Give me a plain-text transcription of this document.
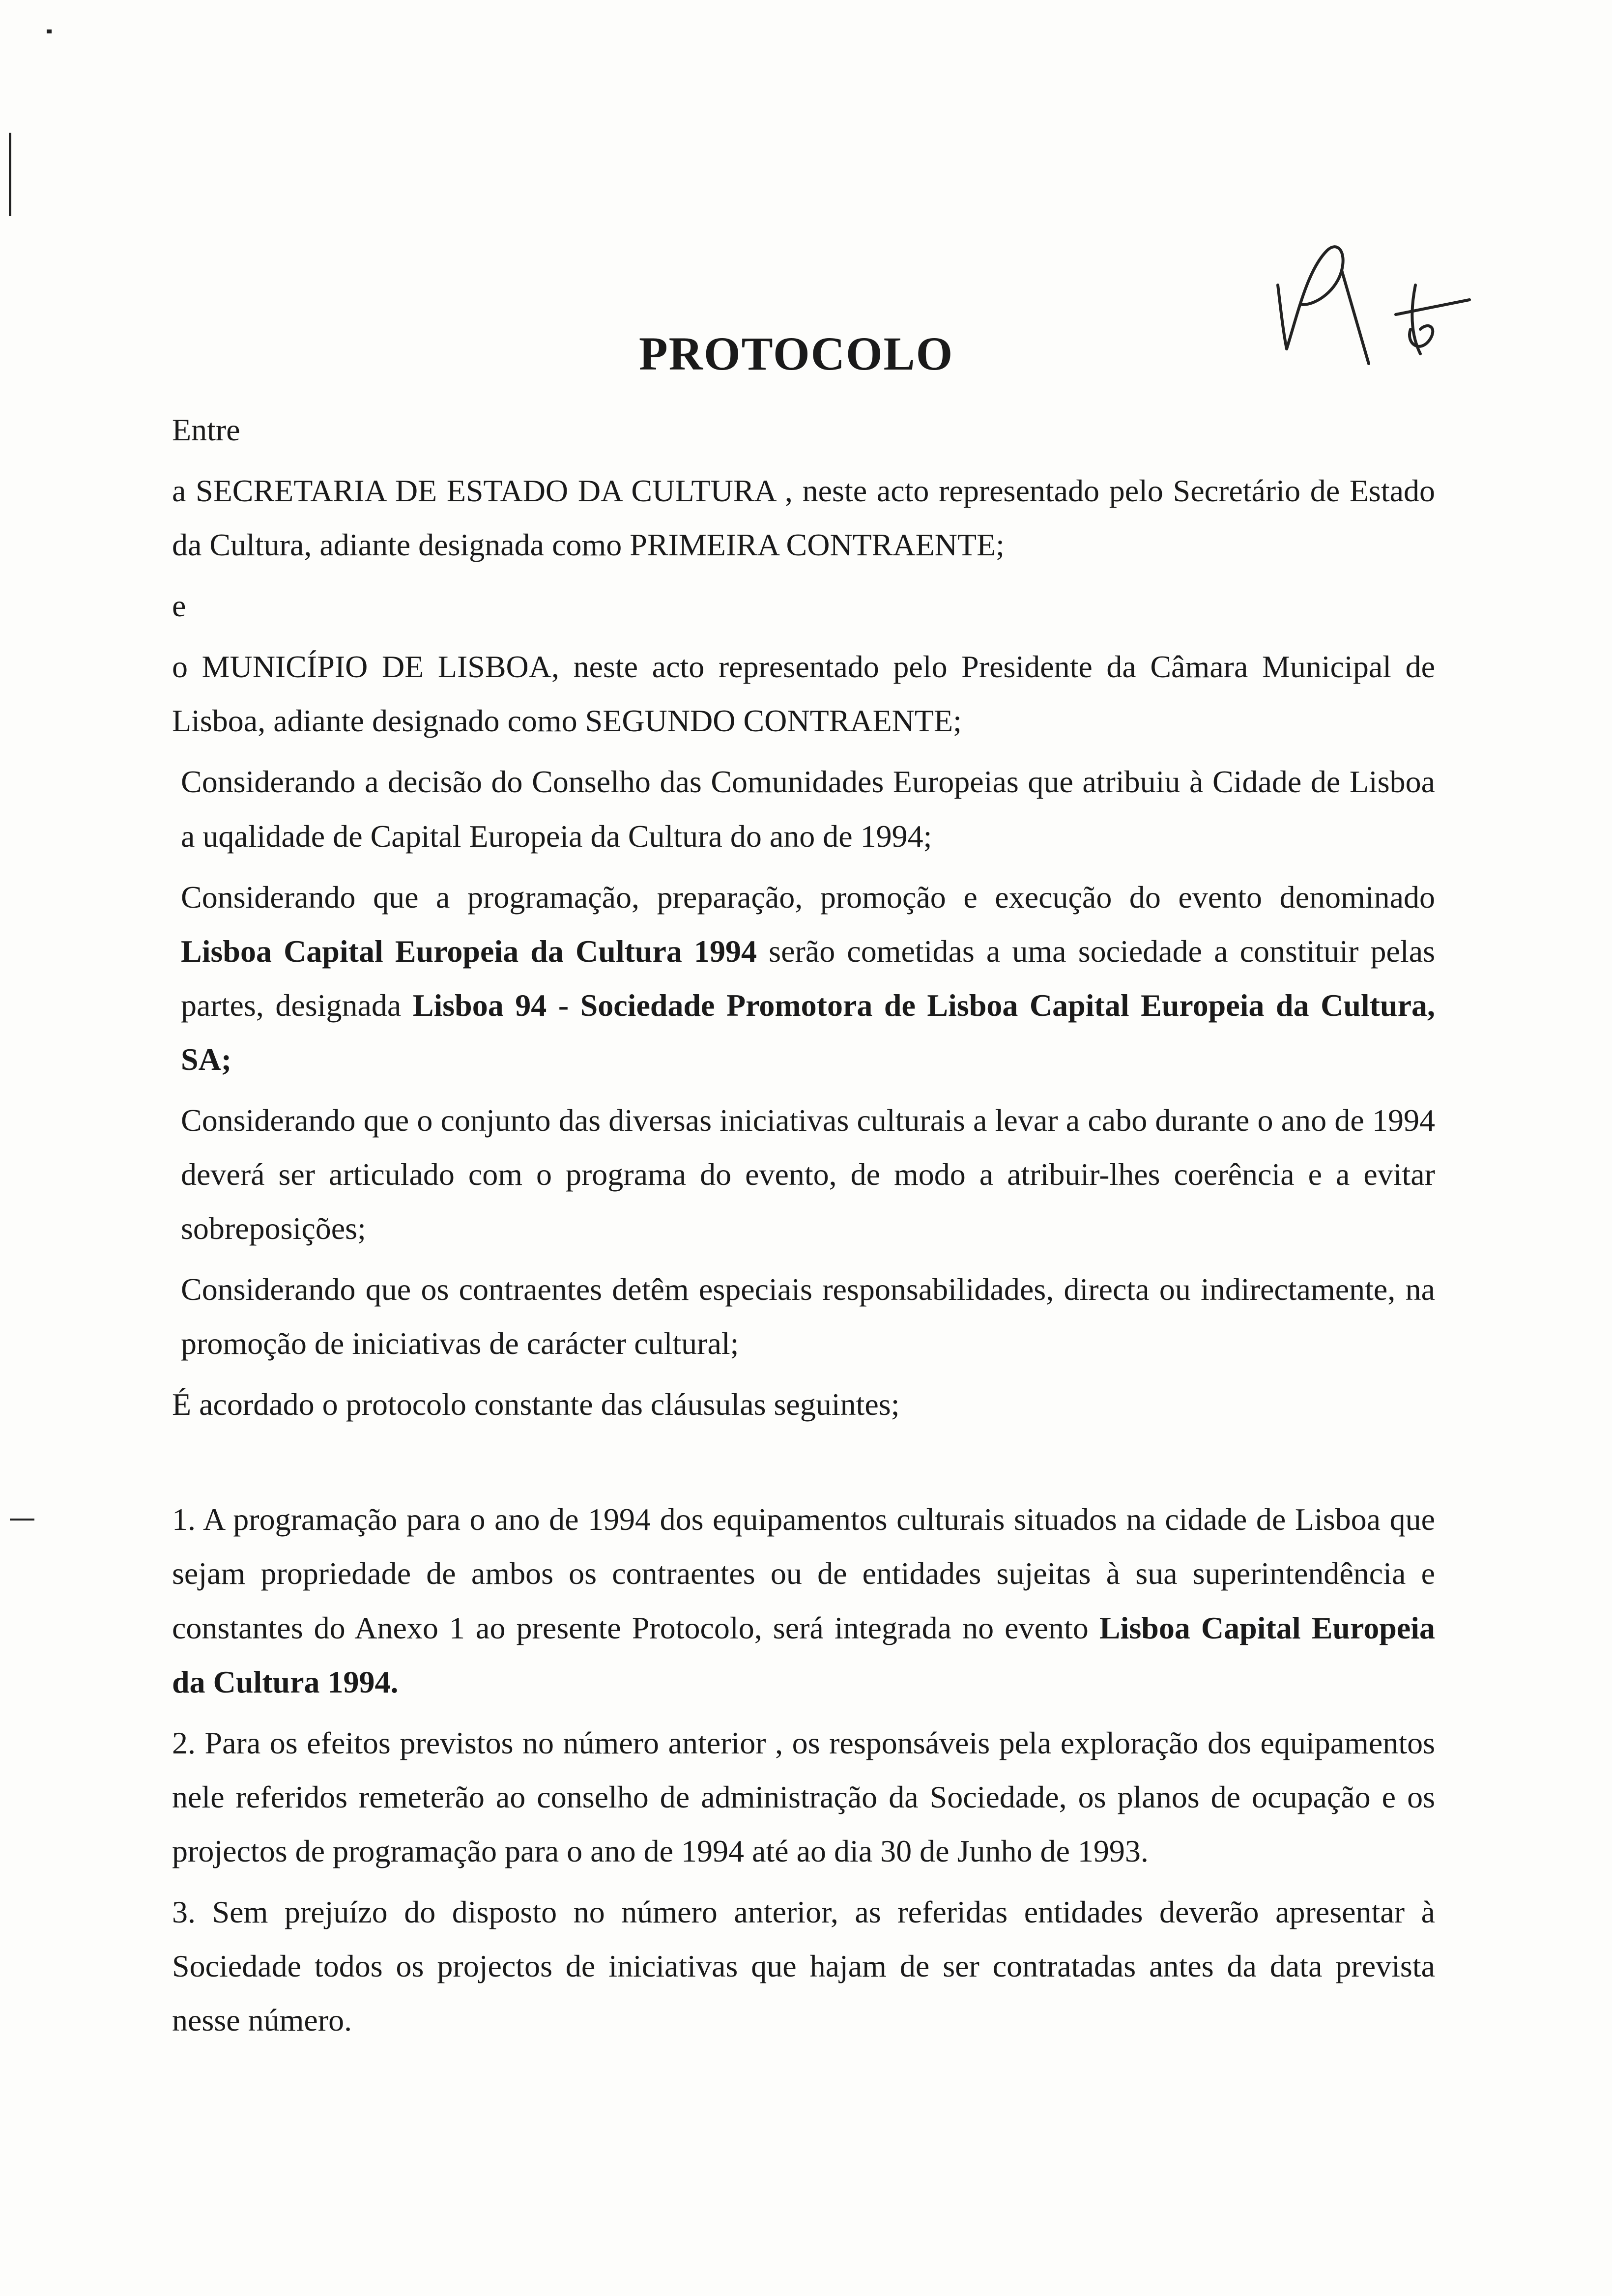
PROTOCOLO

Entre

a SECRETARIA DE ESTADO DA CULTURA , neste acto representado pelo Secretário de Estado da Cultura, adiante designada como PRIMEIRA CONTRAENTE;

e

o MUNICÍPIO DE LISBOA, neste acto representado pelo Presidente da Câmara Municipal de Lisboa, adiante designado como SEGUNDO CONTRAENTE;

Considerando a decisão do Conselho das Comunidades Europeias que atribuiu à Cidade de Lisboa a uqalidade de Capital Europeia da Cultura do ano de 1994;

Considerando que a programação, preparação, promoção e execução do evento denominado Lisboa Capital Europeia da Cultura 1994 serão cometidas a uma sociedade a constituir pelas partes, designada Lisboa 94 - Sociedade Promotora de Lisboa Capital Europeia da Cultura, SA;

Considerando que o conjunto das diversas iniciativas culturais a levar a cabo durante o ano de 1994 deverá ser articulado com o programa do evento, de modo a atribuir-lhes coerência e a evitar sobreposições;

Considerando que os contraentes detêm especiais responsabilidades, directa ou indirectamente, na promoção de iniciativas de carácter cultural;

É acordado o protocolo constante das cláusulas seguintes;

1. A programação para o ano de 1994 dos equipamentos culturais situados na cidade de Lisboa que sejam propriedade de ambos os contraentes ou de entidades sujeitas à sua superintendência e constantes do Anexo 1 ao presente Protocolo, será integrada no evento Lisboa Capital Europeia da Cultura 1994.

2. Para os efeitos previstos no número anterior , os responsáveis pela exploração dos equipamentos nele referidos remeterão ao conselho de administração da Sociedade, os planos de ocupação e os projectos de programação para o ano de 1994 até ao dia 30 de Junho de 1993.

3. Sem prejuízo do disposto no número anterior, as referidas entidades deverão apresentar à Sociedade todos os projectos de iniciativas que hajam de ser contratadas antes da data prevista nesse número.
